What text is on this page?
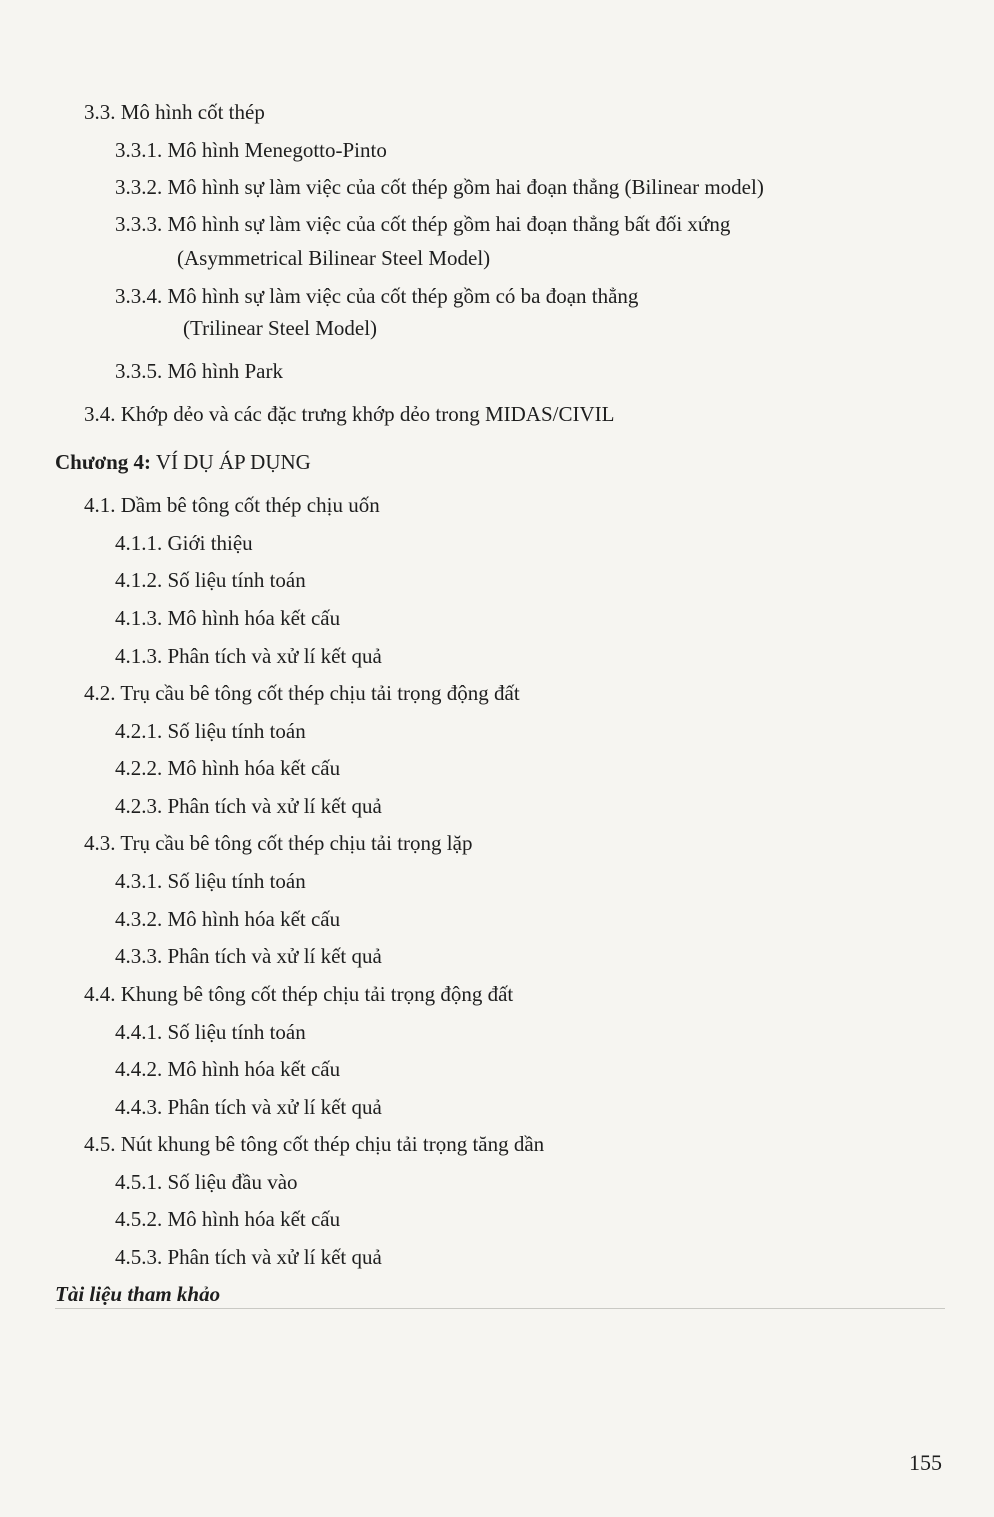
3.3. Mô hình cốt thép
3.3.1. Mô hình Menegotto-Pinto
3.3.2. Mô hình sự làm việc của cốt thép gồm hai đoạn thẳng (Bilinear model)
3.3.3. Mô hình sự làm việc của cốt thép gồm hai đoạn thẳng bất đối xứng
(Asymmetrical Bilinear Steel Model)
3.3.4. Mô hình sự làm việc của cốt thép gồm có ba đoạn thẳng
(Trilinear Steel Model)
3.3.5. Mô hình Park
3.4. Khớp dẻo và các đặc trưng khớp dẻo trong MIDAS/CIVIL
Chương 4: VÍ DỤ ÁP DỤNG
4.1. Dầm bê tông cốt thép chịu uốn
4.1.1. Giới thiệu
4.1.2. Số liệu tính toán
4.1.3. Mô hình hóa kết cấu
4.1.3. Phân tích và xử lí kết quả
4.2. Trụ cầu bê tông cốt thép chịu tải trọng động đất
4.2.1. Số liệu tính toán
4.2.2. Mô hình hóa kết cấu
4.2.3. Phân tích và xử lí kết quả
4.3. Trụ cầu bê tông cốt thép chịu tải trọng lặp
4.3.1. Số liệu tính toán
4.3.2. Mô hình hóa kết cấu
4.3.3. Phân tích và xử lí kết quả
4.4. Khung bê tông cốt thép chịu tải trọng động đất
4.4.1. Số liệu tính toán
4.4.2. Mô hình hóa kết cấu
4.4.3. Phân tích và xử lí kết quả
4.5. Nút khung bê tông cốt thép chịu tải trọng tăng dần
4.5.1. Số liệu đầu vào
4.5.2. Mô hình hóa kết cấu
4.5.3. Phân tích và xử lí kết quả
Tài liệu tham khảo
155
